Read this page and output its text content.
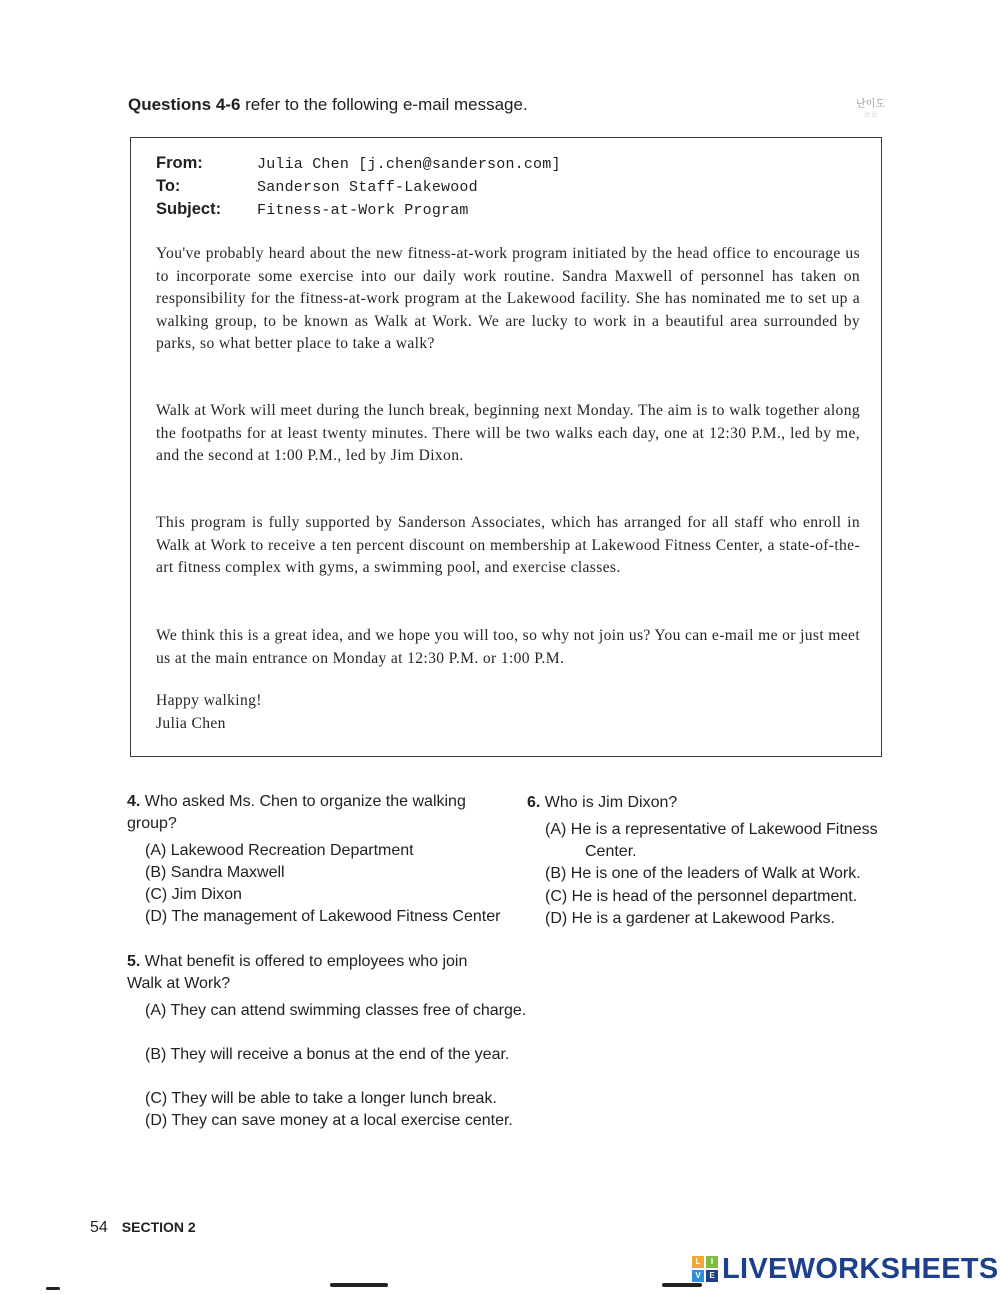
Questions 4-6 refer to the following e-mail message.	난이도
☆☆
From:	Julia Chen [j.chen@sanderson.com]
To:	Sanderson Staff-Lakewood
Subject: Fitness-at-Work Program
You've probably heard about the new fitness-at-work program initiated by the head office to encourage us to incorporate some exercise into our daily work routine. Sandra Maxwell of personnel has taken on responsibility for the fitness-at-work program at the Lakewood facility. She has nominated me to set up a walking group, to be known as Walk at Work. We are lucky to work in a beautiful area surrounded by parks, so what better place to take a walk?
Walk at Work will meet during the lunch break, beginning next Monday. The aim is to walk together along the footpaths for at least twenty minutes. There will be two walks each day, one at 12:30 P.M., led by me, and the second at 1:00 P.M., led by Jim Dixon.
This program is fully supported by Sanderson Associates, which has arranged for all staff who enroll in Walk at Work to receive a ten percent discount on membership at Lakewood Fitness Center, a state-of-the-art fitness complex with gyms, a swimming pool, and exercise classes.
We think this is a great idea, and we hope you will too, so why not join us? You can e-mail me or just meet us at the main entrance on Monday at 12:30 P.M. or 1:00 P.M.
Happy walking!
Julia Chen
4. Who asked Ms. Chen to organize the walking group?
(A) Lakewood Recreation Department
(B) Sandra Maxwell
(C) Jim Dixon
(D) The management of Lakewood Fitness Center
5. What benefit is offered to employees who join Walk at Work?
(A) They can attend swimming classes free of charge.
(B) They will receive a bonus at the end of the year.
(C) They will be able to take a longer lunch break.
(D) They can save money at a local exercise center.
6. Who is Jim Dixon?
(A) He is a representative of Lakewood Fitness Center.
(B) He is one of the leaders of Walk at Work.
(C) He is head of the personnel department.
(D) He is a gardener at Lakewood Parks.
54 SECTION 2
L	I
V	E LIVEWORKSHEETS
